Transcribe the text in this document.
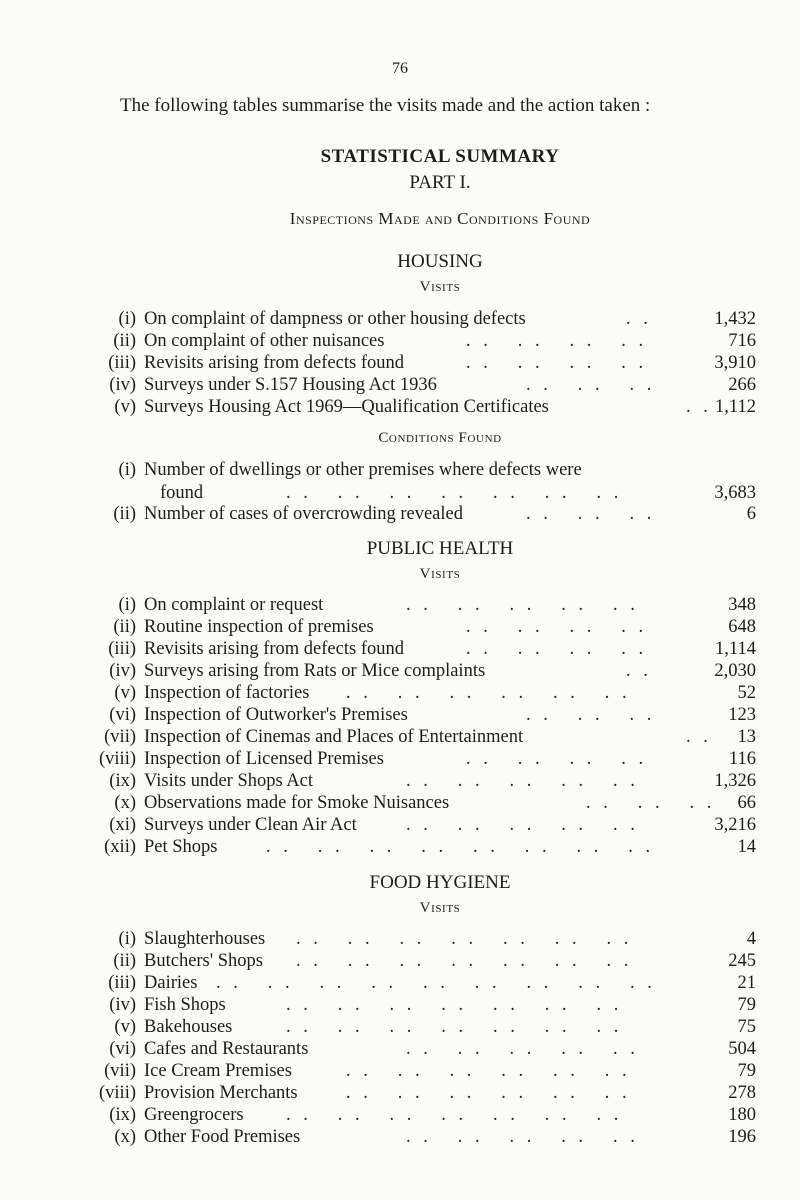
76
The following tables summarise the visits made and the action taken :
STATISTICAL SUMMARY
PART I.
Inspections Made and Conditions Found
HOUSING
Visits
(i) On complaint of dampness or other housing defects	. .	1,432
(ii) On complaint of other nuisances	. .   . .   . .   . .	716
(iii) Revisits arising from defects found	. .   . .   . .   . .	3,910
(iv) Surveys under S.157 Housing Act 1936	. .   . .   . .	266
(v) Surveys Housing Act 1969—Qualification Certificates	. . 1,112
Conditions Found
(i) Number of dwellings or other premises where defects were
found	. .   . .   . .   . .   . .   . .   . .	3,683
(ii) Number of cases of overcrowding revealed	. .   . .   . .	6
PUBLIC HEALTH
Visits
(i) On complaint or request	. .   . .   . .   . .   . .	348
(ii) Routine inspection of premises	. .   . .   . .   . .	648
(iii) Revisits arising from defects found	. .   . .   . .   . .	1,114
(iv) Surveys arising from Rats or Mice complaints	. .	2,030
(v) Inspection of factories . .   . .   . .   . .   . .   . .	52
(vi) Inspection of Outworker's Premises	. .   . .   . .	123
(vii) Inspection of Cinemas and Places of Entertainment	. . 13
(viii) Inspection of Licensed Premises	. .   . .   . .   . .	116
(ix) Visits under Shops Act	. .   . .   . .   . .   . .	1,326
(x) Observations made for Smoke Nuisances	. .   . .   . . 66
(xi) Surveys under Clean Air Act	. .   . .   . .   . .   . .	3,216
(xii) Pet Shops	. .   . .   . .   . .   . .   . .   . .   . .	14
FOOD HYGIENE
Visits
(i) Slaughterhouses . .   . .   . .   . .   . .   . .   . .	4
(ii) Butchers' Shops . .   . .   . .   . .   . .   . .   . .	245
(iii) Dairies . .   . .   . .   . .   . .   . .   . .   . .   . .	21
(iv) Fish Shops	. .   . .   . .   . .   . .   . .   . .	79
(v) Bakehouses	. .   . .   . .   . .   . .   . .   . .	75
(vi) Cafes and Restaurants	. .   . .   . .   . .   . .	504
(vii) Ice Cream Premises	. .   . .   . .   . .   . .   . .	79
(viii) Provision Merchants	. .   . .   . .   . .   . .   . .	278
(ix) Greengrocers . .   . .   . .   . .   . .   . .   . .	180
(x) Other Food Premises	. .   . .   . .   . .   . .	196
